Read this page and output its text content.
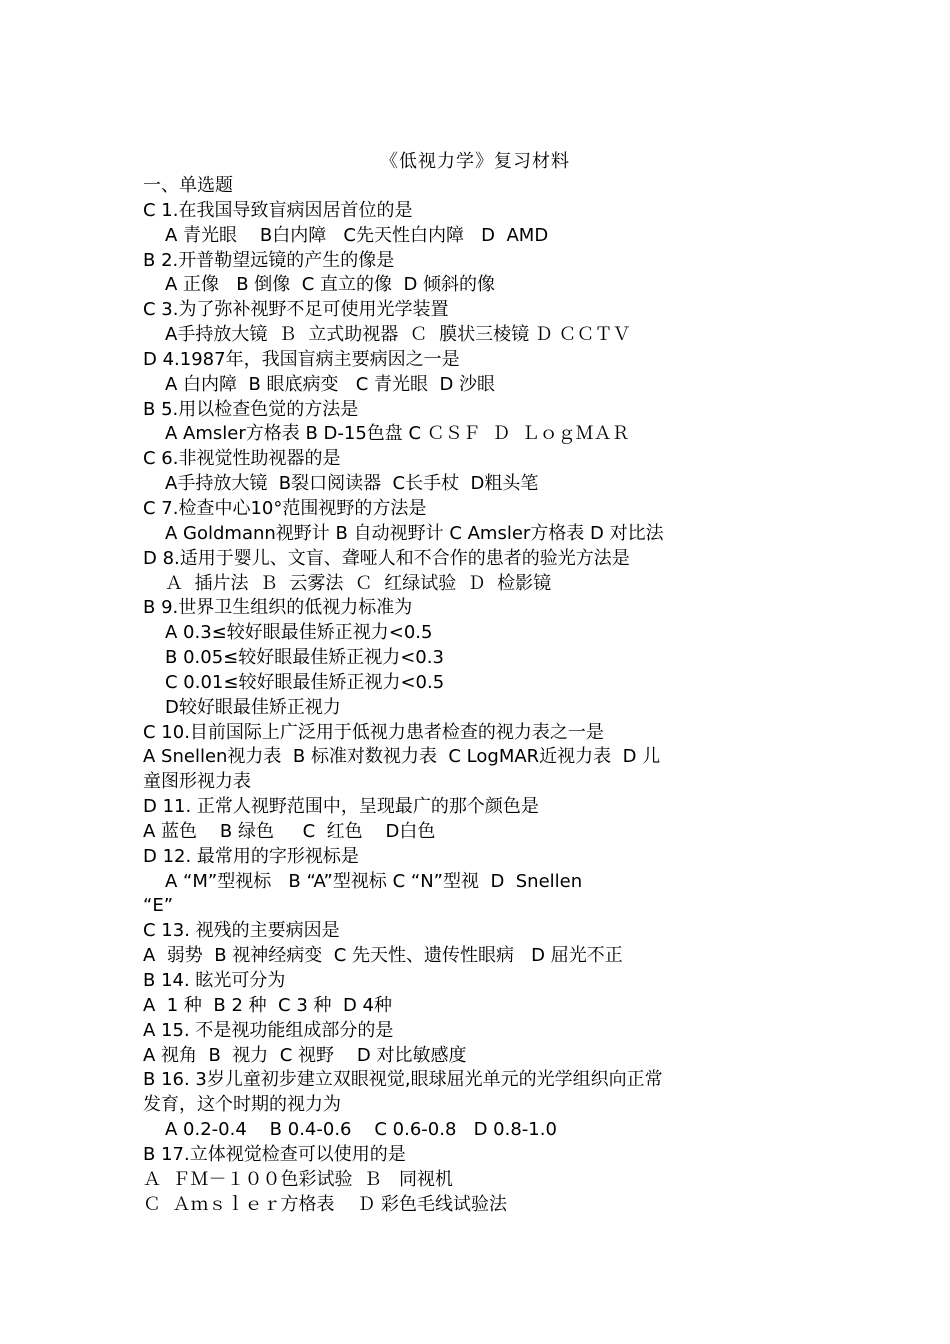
《低视力学》复习材料
一、单选题
C 1.在我国导致盲病因居首位的是
A 青光眼    B白内障   C先天性白内障   D  AMD
B 2.开普勒望远镜的产生的像是
A 正像   B 倒像  C 直立的像  D 倾斜的像
C 3.为了弥补视野不足可使用光学装置
A手持放大镜  Ｂ  立式助视器  Ｃ  膜状三棱镜 Ｄ ＣＣＴＶ
D 4.1987年，我国盲病主要病因之一是
A 白内障  B 眼底病变   C 青光眼  D 沙眼
B 5.用以检查色觉的方法是
A Amsler方格表 B D-15色盘 C ＣＳＦ  Ｄ  ＬｏｇＭＡＲ
C 6.非视觉性助视器的是
A手持放大镜  B裂口阅读器  C长手杖  D粗头笔
C 7.检查中心10°范围视野的方法是
A Goldmann视野计 B 自动视野计 C Amsler方格表 D 对比法
D 8.适用于婴儿、文盲、聋哑人和不合作的患者的验光方法是
Ａ  插片法  Ｂ  云雾法  Ｃ  红绿试验  Ｄ  检影镜
B 9.世界卫生组织的低视力标准为
A 0.3≤较好眼最佳矫正视力<0.5
B 0.05≤较好眼最佳矫正视力<0.3
C 0.01≤较好眼最佳矫正视力<0.5
D较好眼最佳矫正视力
C 10.目前国际上广泛用于低视力患者检查的视力表之一是
A Snellen视力表  B 标准对数视力表  C LogMAR近视力表  D 儿
童图形视力表
D 11. 正常人视野范围中，呈现最广的那个颜色是
A 蓝色    B 绿色     C  红色    D白色
D 12. 最常用的字形视标是
A “M”型视标   B “A”型视标 C “N”型视  D  Snellen
“E”
C 13. 视残的主要病因是
A  弱势  B 视神经病变  C 先天性、遗传性眼病   D 屈光不正
B 14. 眩光可分为
A  1 种  B 2 种  C 3 种  D 4种
A 15. 不是视功能组成部分的是
A 视角  B  视力  C 视野    D 对比敏感度
B 16. 3岁儿童初步建立双眼视觉,眼球屈光单元的光学组织向正常
发育，这个时期的视力为
A 0.2-0.4    B 0.4-0.6    C 0.6-0.8   D 0.8-1.0
B 17.立体视觉检查可以使用的是
Ａ  ＦＭ－１００色彩试验  Ｂ   同视机
Ｃ  Ａｍｓｌｅｒ方格表    Ｄ 彩色毛线试验法
